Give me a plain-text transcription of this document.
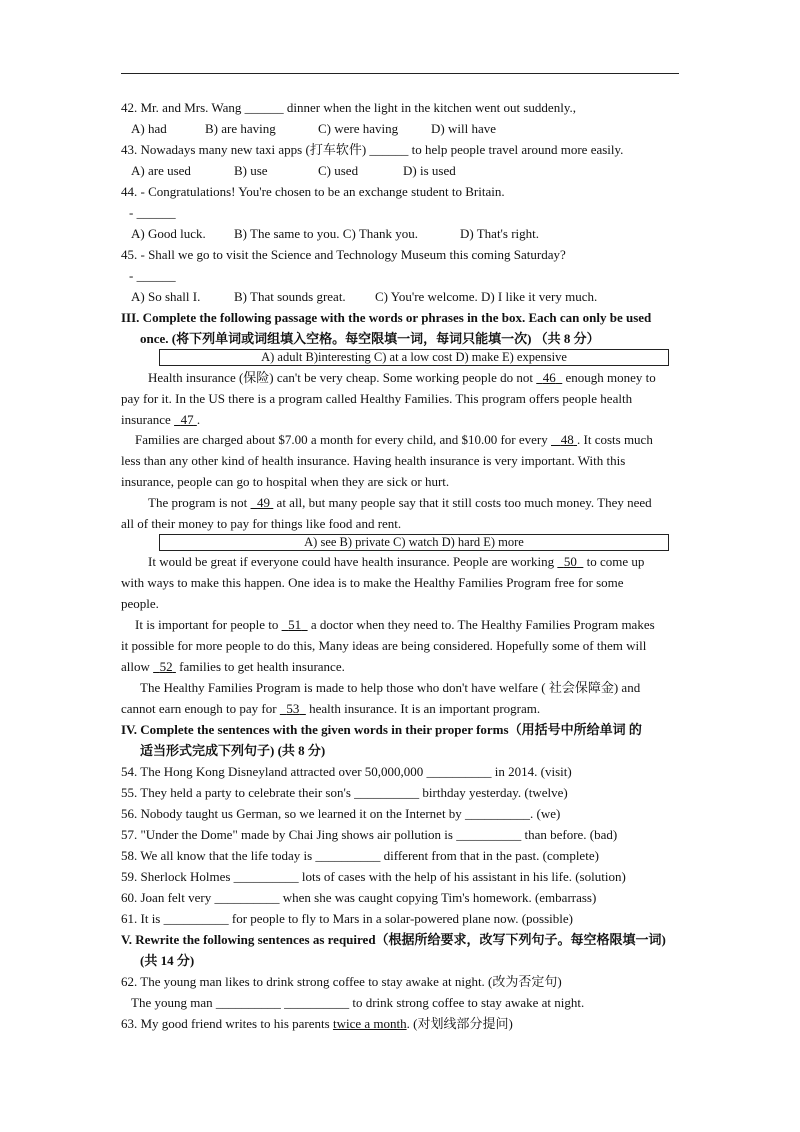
42. Mr. and Mrs. Wang ______ dinner when the light in the kitchen went out suddenly.,
A) had	B) are having	C) were having	D) will have
43. Nowadays many new taxi apps (打车软件) ______ to help people travel around more easily.
A) are used	B) use	C) used	D) is used
44. - Congratulations! You're chosen to be an exchange student to Britain.
- ______
A) Good luck. B) The same to you. C) Thank you.	D) That's right.
45. - Shall we go to visit the Science and Technology Museum this coming Saturday?
- ______
A) So shall I.	B) That sounds great. C) You're welcome. D) I like it very much.
III. Complete the following passage with the words or phrases in the box. Each can only be used
once. (将下列单词或词组填入空格。每空限填一词，每词只能填一次) （共 8 分）
A) adult B)interesting C) at a low cost D) make E) expensive
Health insurance (保险) can't be very cheap. Some working people do not 46 enough money to
pay for it. In the US there is a program called Healthy Families. This program offers people health
insurance 47 .
Families are charged about $7.00 a month for every child, and $10.00 for every 48 . It costs much
less than any other kind of health insurance. Having health insurance is very important. With this
insurance, people can go to hospital when they are sick or hurt.
The program is not 49 at all, but many people say that it still costs too much money. They need
all of their money to pay for things like food and rent.
A) see B) private C) watch D) hard E) more
It would be great if everyone could have health insurance. People are working 50 to come up
with ways to make this happen. One idea is to make the Healthy Families Program free for some
people.
It is important for people to 51 a doctor when they need to. The Healthy Families Program makes
it possible for more people to do this, Many ideas are being considered. Hopefully some of them will
allow 52 families to get health insurance.
The Healthy Families Program is made to help those who don't have welfare ( 社会保障金) and
cannot earn enough to pay for 53 health insurance. It is an important program.
IV. Complete the sentences with the given words in their proper forms（用括号中所给单词 的
适当形式完成下列句子) (共 8 分)
54. The Hong Kong Disneyland attracted over 50,000,000 __________ in 2014. (visit)
55. They held a party to celebrate their son's __________ birthday yesterday. (twelve)
56. Nobody taught us German, so we learned it on the Internet by __________. (we)
57. "Under the Dome" made by Chai Jing shows air pollution is __________ than before. (bad)
58. We all know that the life today is __________ different from that in the past. (complete)
59. Sherlock Holmes __________ lots of cases with the help of his assistant in his life. (solution)
60. Joan felt very __________ when she was caught copying Tim's homework. (embarrass)
61. It is __________ for people to fly to Mars in a solar-powered plane now. (possible)
V. Rewrite the following sentences as required（根据所给要求，改写下列句子。每空格限填一词)
(共 14 分)
62. The young man likes to drink strong coffee to stay awake at night. (改为否定句)
The young man __________ __________ to drink strong coffee to stay awake at night.
63. My good friend writes to his parents twice a month. (对划线部分提问)
